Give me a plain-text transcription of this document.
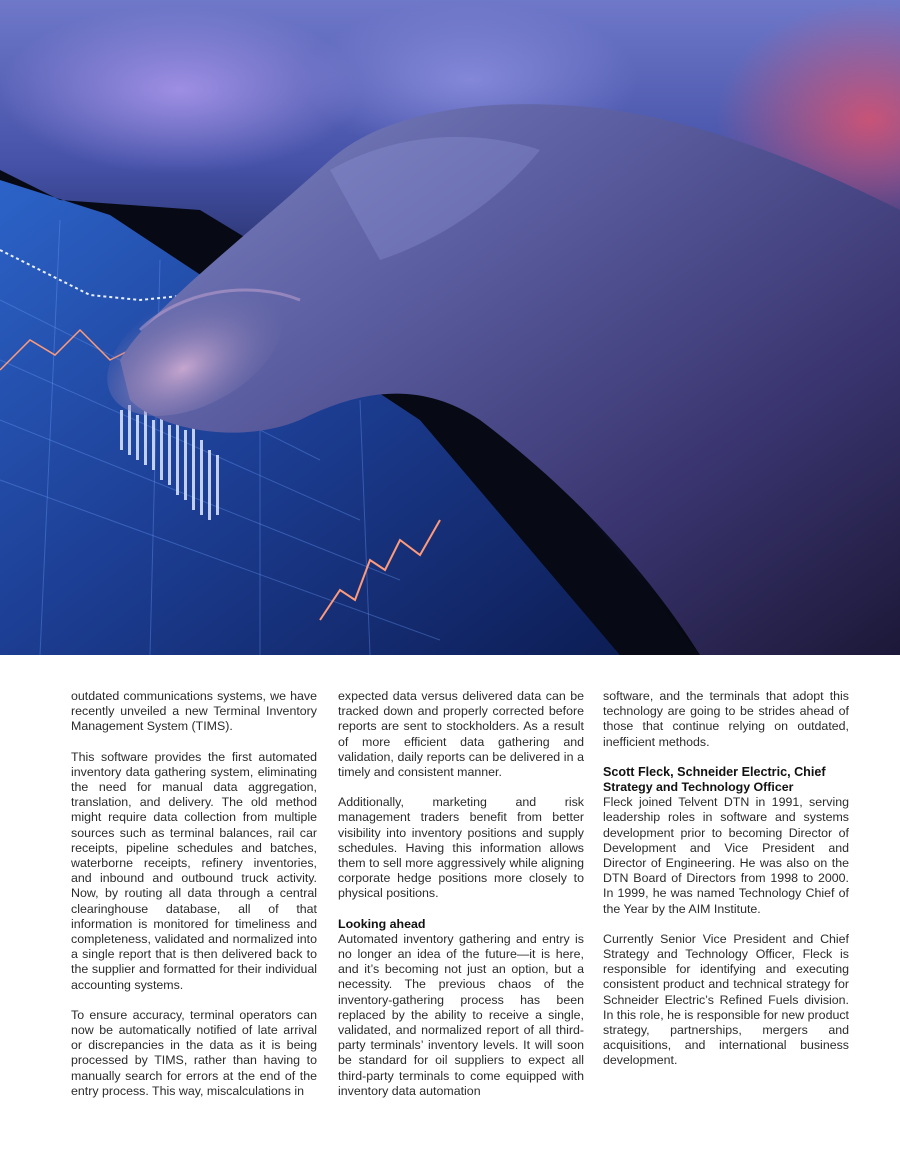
outdated communications systems, we have recently unveiled a new Terminal Inventory Management System (TIMS).

This software provides the first automated inventory data gathering system, eliminating the need for manual data aggregation, translation, and delivery. The old method might require data collection from multiple sources such as terminal balances, rail car receipts, pipeline schedules and batches, waterborne receipts, refinery inventories, and inbound and outbound truck activity. Now, by routing all data through a central clearinghouse database, all of that information is monitored for timeliness and completeness, validated and normalized into a single report that is then delivered back to the supplier and formatted for their individual accounting systems.

To ensure accuracy, terminal operators can now be automatically notified of late arrival or discrepancies in the data as it is being processed by TIMS, rather than having to manually search for errors at the end of the entry process. This way, miscalculations in

expected data versus delivered data can be tracked down and properly corrected before reports are sent to stockholders. As a result of more efficient data gathering and validation, daily reports can be delivered in a timely and consistent manner.

Additionally, marketing and risk management traders benefit from better visibility into inventory positions and supply schedules. Having this information allows them to sell more aggressively while aligning corporate hedge positions more closely to physical positions.

Looking ahead

Automated inventory gathering and entry is no longer an idea of the future—it is here, and it’s becoming not just an option, but a necessity. The previous chaos of the inventory-gathering process has been replaced by the ability to receive a single, validated, and normalized report of all third-party terminals’ inventory levels. It will soon be standard for oil suppliers to expect all third-party terminals to come equipped with inventory data automation

software, and the terminals that adopt this technology are going to be strides ahead of those that continue relying on outdated, inefficient methods.

Scott Fleck, Schneider Electric, Chief
Strategy and Technology Officer

Fleck joined Telvent DTN in 1991, serving leadership roles in software and systems development prior to becoming Director of Development and Vice President and Director of Engineering. He was also on the DTN Board of Directors from 1998 to 2000. In 1999, he was named Technology Chief of the Year by the AIM Institute.

Currently Senior Vice President and Chief Strategy and Technology Officer, Fleck is responsible for identifying and executing consistent product and technical strategy for Schneider Electric’s Refined Fuels division. In this role, he is responsible for new product strategy, partnerships, mergers and acquisitions, and international business development.
